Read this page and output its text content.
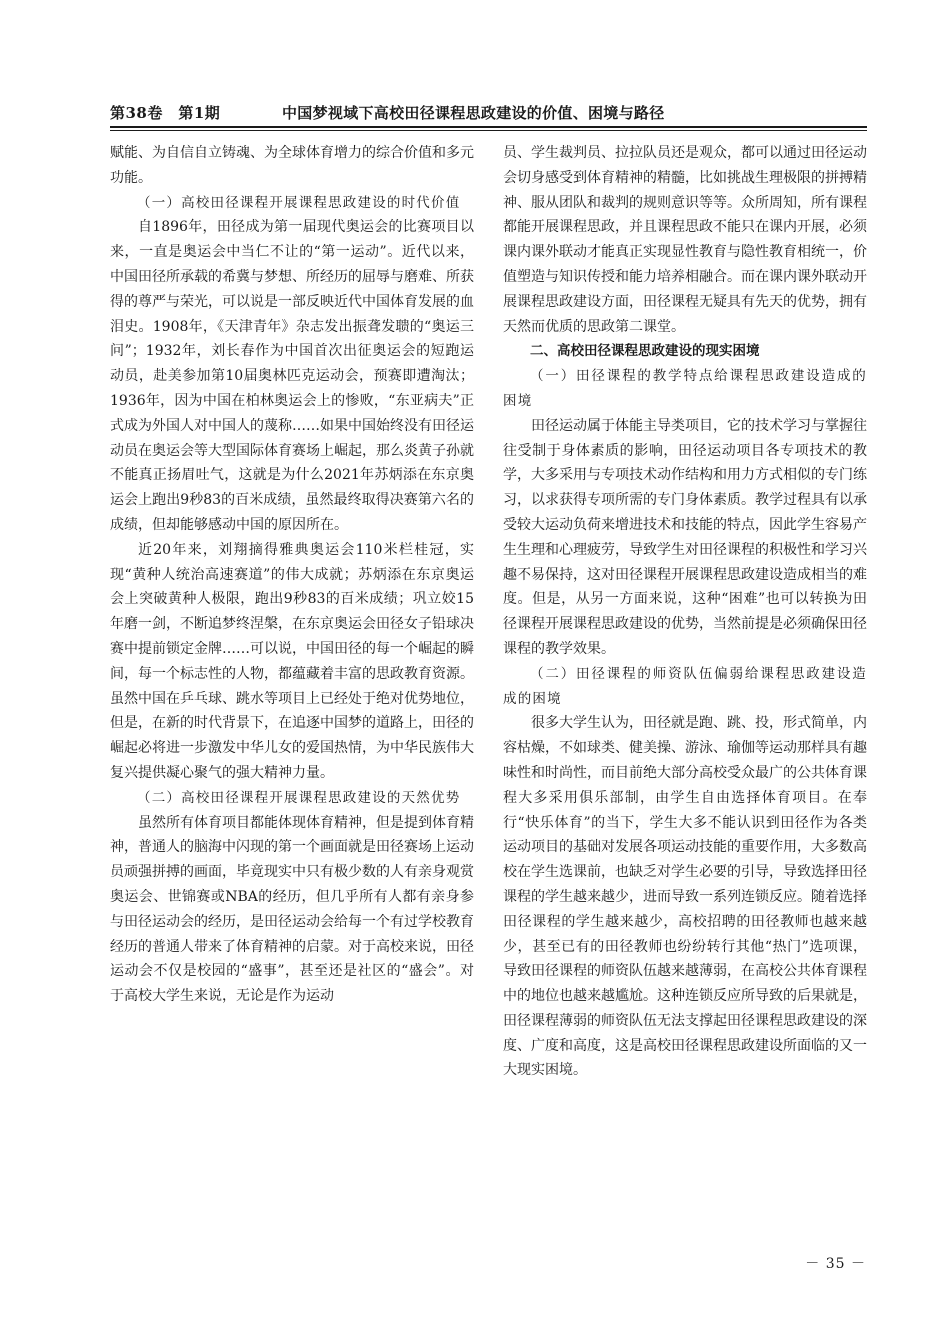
第38卷　第1期	中国梦视域下高校田径课程思政建设的价值、困境与路径

赋能、为自信自立铸魂、为全球体育增力的综合价值和多元功能。

（一）高校田径课程开展课程思政建设的时代价值

自1896年，田径成为第一届现代奥运会的比赛项目以来，一直是奥运会中当仁不让的“第一运动”。近代以来，中国田径所承载的希冀与梦想、所经历的屈辱与磨难、所获得的尊严与荣光，可以说是一部反映近代中国体育发展的血泪史。1908年，《天津青年》杂志发出振聋发聩的“奥运三问”；1932年，刘长春作为中国首次出征奥运会的短跑运动员，赴美参加第10届奥林匹克运动会，预赛即遭淘汰；1936年，因为中国在柏林奥运会上的惨败，“东亚病夫”正式成为外国人对中国人的蔑称……如果中国始终没有田径运动员在奥运会等大型国际体育赛场上崛起，那么炎黄子孙就不能真正扬眉吐气，这就是为什么2021年苏炳添在东京奥运会上跑出9秒83的百米成绩，虽然最终取得决赛第六名的成绩，但却能够感动中国的原因所在。

近20年来，刘翔摘得雅典奥运会110米栏桂冠，实现“黄种人统治高速赛道”的伟大成就；苏炳添在东京奥运会上突破黄种人极限，跑出9秒83的百米成绩；巩立姣15年磨一剑，不断追梦终涅槃，在东京奥运会田径女子铅球决赛中提前锁定金牌……可以说，中国田径的每一个崛起的瞬间，每一个标志性的人物，都蕴藏着丰富的思政教育资源。虽然中国在乒乓球、跳水等项目上已经处于绝对优势地位，但是，在新的时代背景下，在追逐中国梦的道路上，田径的崛起必将进一步激发中华儿女的爱国热情，为中华民族伟大复兴提供凝心聚气的强大精神力量。

（二）高校田径课程开展课程思政建设的天然优势

虽然所有体育项目都能体现体育精神，但是提到体育精神，普通人的脑海中闪现的第一个画面就是田径赛场上运动员顽强拼搏的画面，毕竟现实中只有极少数的人有亲身观赏奥运会、世锦赛或NBA的经历，但几乎所有人都有亲身参与田径运动会的经历，是田径运动会给每一个有过学校教育经历的普通人带来了体育精神的启蒙。对于高校来说，田径运动会不仅是校园的“盛事”，甚至还是社区的“盛会”。对于高校大学生来说，无论是作为运动

员、学生裁判员、拉拉队员还是观众，都可以通过田径运动会切身感受到体育精神的精髓，比如挑战生理极限的拼搏精神、服从团队和裁判的规则意识等等。众所周知，所有课程都能开展课程思政，并且课程思政不能只在课内开展，必须课内课外联动才能真正实现显性教育与隐性教育相统一，价值塑造与知识传授和能力培养相融合。而在课内课外联动开展课程思政建设方面，田径课程无疑具有先天的优势，拥有天然而优质的思政第二课堂。

二、高校田径课程思政建设的现实困境

（一）田径课程的教学特点给课程思政建设造成的困境

田径运动属于体能主导类项目，它的技术学习与掌握往往受制于身体素质的影响，田径运动项目各专项技术的教学，大多采用与专项技术动作结构和用力方式相似的专门练习，以求获得专项所需的专门身体素质。教学过程具有以承受较大运动负荷来增进技术和技能的特点，因此学生容易产生生理和心理疲劳，导致学生对田径课程的积极性和学习兴趣不易保持，这对田径课程开展课程思政建设造成相当的难度。但是，从另一方面来说，这种“困难”也可以转换为田径课程开展课程思政建设的优势，当然前提是必须确保田径课程的教学效果。

（二）田径课程的师资队伍偏弱给课程思政建设造成的困境

很多大学生认为，田径就是跑、跳、投，形式简单，内容枯燥，不如球类、健美操、游泳、瑜伽等运动那样具有趣味性和时尚性，而目前绝大部分高校受众最广的公共体育课程大多采用俱乐部制，由学生自由选择体育项目。在奉行“快乐体育”的当下，学生大多不能认识到田径作为各类运动项目的基础对发展各项运动技能的重要作用，大多数高校在学生选课前，也缺乏对学生必要的引导，导致选择田径课程的学生越来越少，进而导致一系列连锁反应。随着选择田径课程的学生越来越少，高校招聘的田径教师也越来越少，甚至已有的田径教师也纷纷转行其他“热门”选项课，导致田径课程的师资队伍越来越薄弱，在高校公共体育课程中的地位也越来越尴尬。这种连锁反应所导致的后果就是，田径课程薄弱的师资队伍无法支撑起田径课程思政建设的深度、广度和高度，这是高校田径课程思政建设所面临的又一大现实困境。

－ 35 －
